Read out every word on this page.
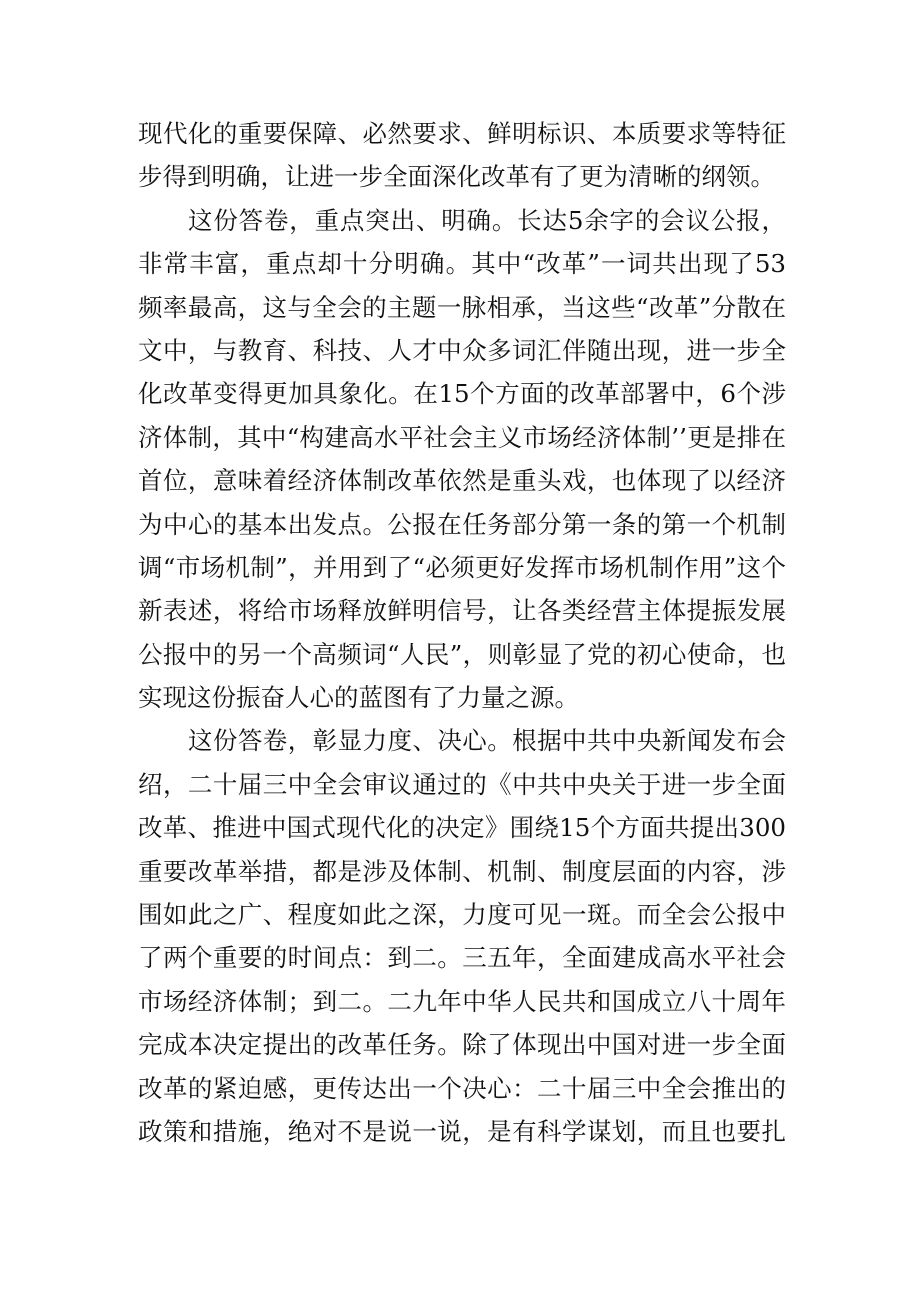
现代化的重要保障、必然要求、鲜明标识、本质要求等特征
步得到明确，让进一步全面深化改革有了更为清晰的纲领。
这份答卷，重点突出、明确。长达5余字的会议公报，
非常丰富，重点却十分明确。其中“改革”一词共出现了53
频率最高，这与全会的主题一脉相承，当这些“改革”分散在
文中，与教育、科技、人才中众多词汇伴随出现，进一步全
化改革变得更加具象化。在15个方面的改革部署中，6个涉
济体制，其中“构建高水平社会主义市场经济体制’’更是排在
首位，意味着经济体制改革依然是重头戏，也体现了以经济
为中心的基本出发点。公报在任务部分第一条的第一个机制
调“市场机制”，并用到了“必须更好发挥市场机制作用”这个
新表述，将给市场释放鲜明信号，让各类经营主体提振发展
公报中的另一个高频词“人民”，则彰显了党的初心使命，也
实现这份振奋人心的蓝图有了力量之源。
这份答卷，彰显力度、决心。根据中共中央新闻发布会
绍，二十届三中全会审议通过的《中共中央关于进一步全面
改革、推进中国式现代化的决定》围绕15个方面共提出300
重要改革举措，都是涉及体制、机制、制度层面的内容，涉
围如此之广、程度如此之深，力度可见一斑。而全会公报中
了两个重要的时间点：到二。三五年，全面建成高水平社会
市场经济体制；到二。二九年中华人民共和国成立八十周年
完成本决定提出的改革任务。除了体现出中国对进一步全面
改革的紧迫感，更传达出一个决心：二十届三中全会推出的
政策和措施，绝对不是说一说，是有科学谋划，而且也要扎
